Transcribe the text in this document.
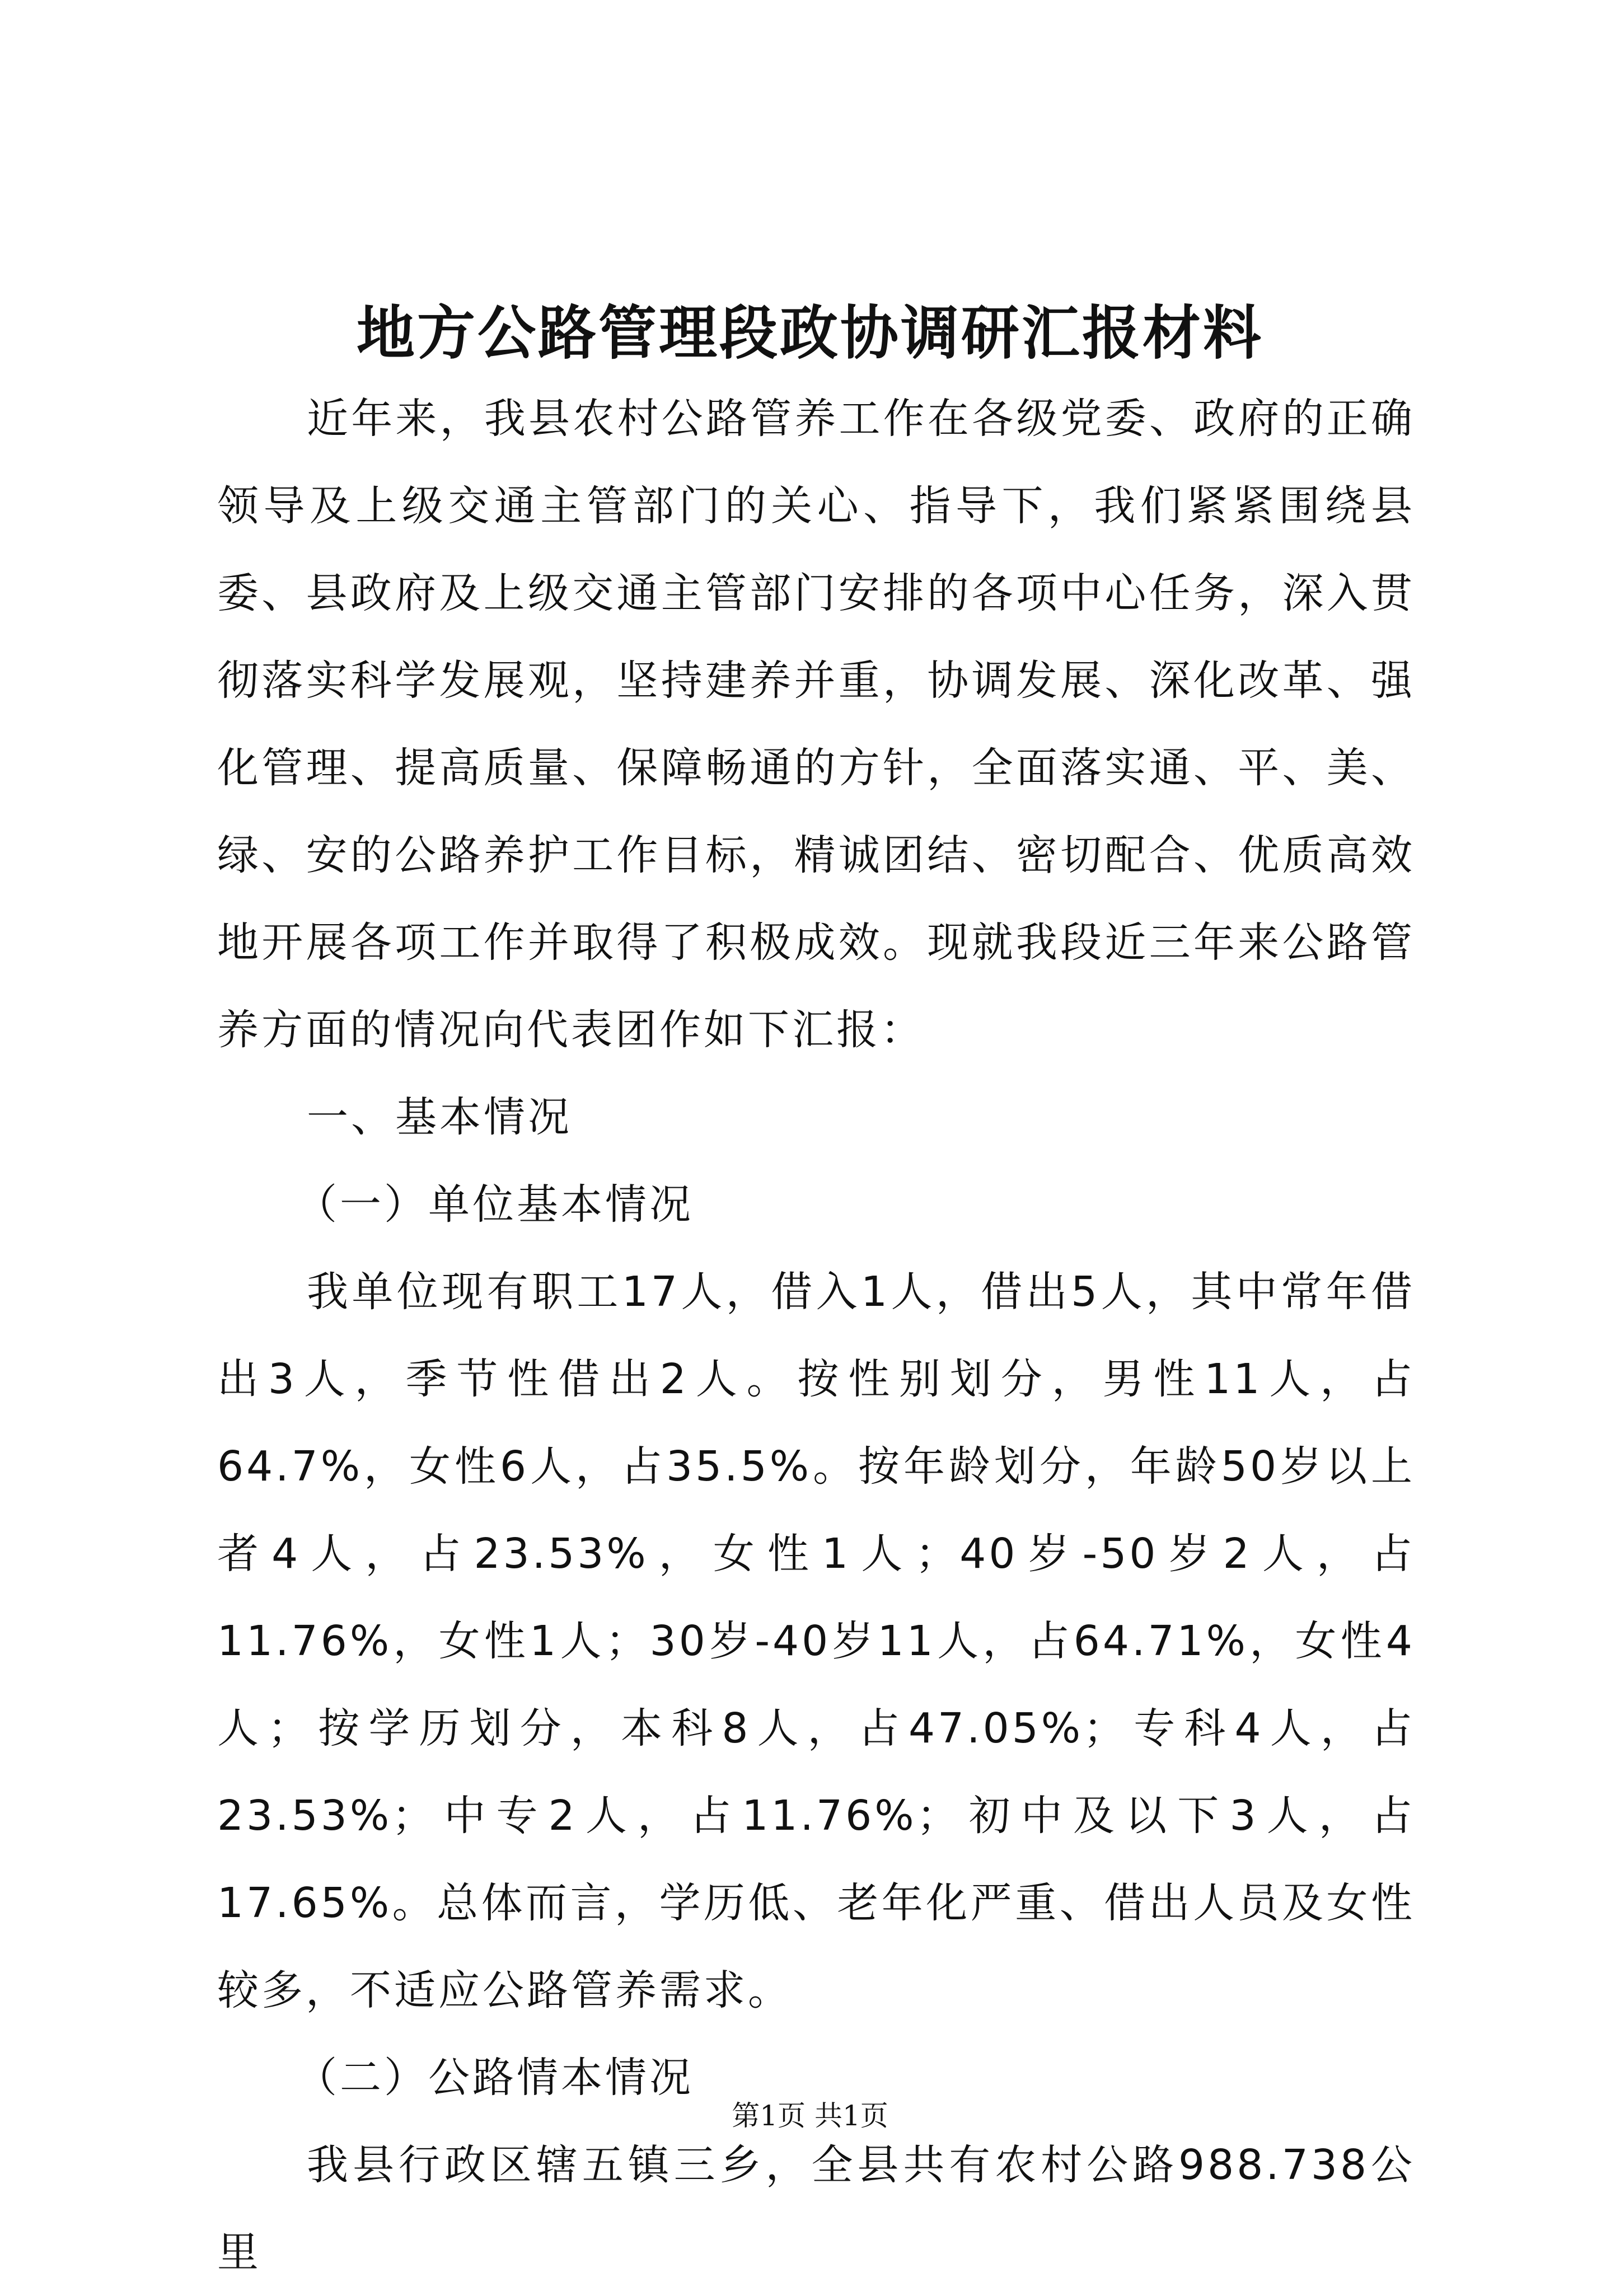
地方公路管理段政协调研汇报材料

近年来，我县农村公路管养工作在各级党委、政府的正确领导及上级交通主管部门的关心、指导下，我们紧紧围绕县委、县政府及上级交通主管部门安排的各项中心任务，深入贯彻落实科学发展观，坚持建养并重，协调发展、深化改革、强化管理、提高质量、保障畅通的方针，全面落实通、平、美、绿、安的公路养护工作目标，精诚团结、密切配合、优质高效地开展各项工作并取得了积极成效。现就我段近三年来公路管养方面的情况向代表团作如下汇报：

一、基本情况

（一）单位基本情况

我单位现有职工17人，借入1人，借出5人，其中常年借出3人，季节性借出2人。按性别划分，男性11人，占64.7%，女性6人，占35.5%。按年龄划分，年龄50岁以上者4人，占23.53%，女性1人；40岁-50岁2人，占11.76%，女性1人；30岁-40岁11人，占64.71%，女性4人；按学历划分，本科8人，占47.05%；专科4人，占23.53%；中专2人，占11.76%；初中及以下3人，占17.65%。总体而言，学历低、老年化严重、借出人员及女性较多，不适应公路管养需求。

（二）公路情本情况

我县行政区辖五镇三乡，全县共有农村公路988.738公里

第1页 共1页
